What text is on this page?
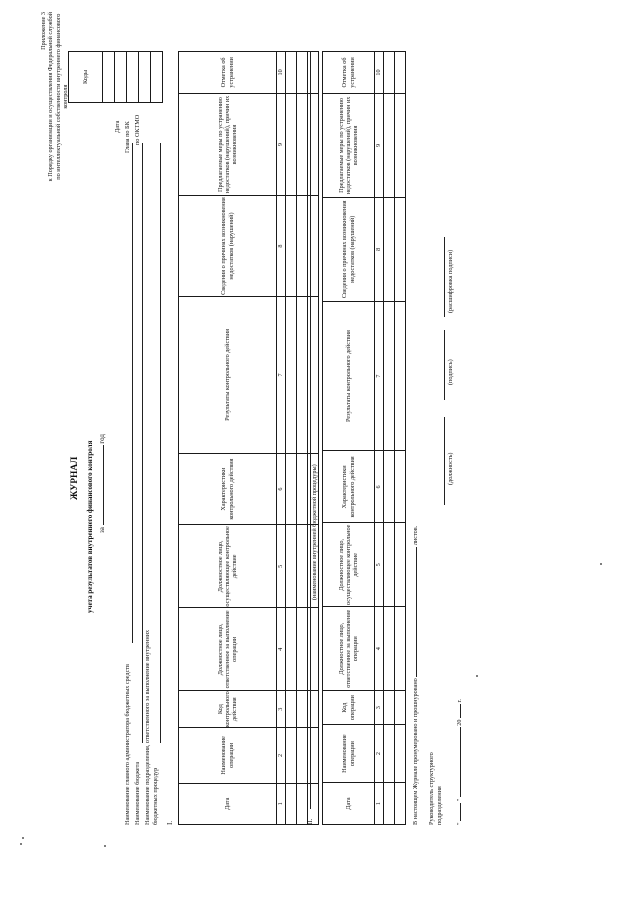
Приложение 3 к Порядку организации и осуществления Федеральной службой по интеллектуальной собственности внутреннего финансового контроля
ЖУРНАЛ учета результатов внутреннего финансового контроля за  год
Наименование главного администратора бюджетных средств Наименование бюджета Наименование подразделения, ответственного за выполнение внутренних бюджетных процедур
Дата Глава по БК по ОКТМО
Коды

I.
Дата	Наименование операции	Код контрольного действия	Должностное лицо, ответственное за выполнение операции	Должностное лицо, осуществляющее контрольное действие	Характеристики контрольного действия	Результаты контрольного действия	Сведения о причинах возникновения недостатков (нарушений)	Предлагаемые меры по устранению недостатков (нарушений), причин их возникновения	Отметка об устранении
1	2	3	4	5	6	7	8	9	10

II.
(наименование внутренней бюджетной процедуры)
Дата	Наименование операции	Код операции	Должностное лицо, ответственное за выполнение операции	Должностное лицо, осуществляющее контрольное действие	Характеристики контрольного действия	Результаты контрольного действия	Сведения о причинах возникновения недостатков (нарушений)	Предлагаемые меры по устранению недостатков (нарушений), причин их возникновения	Отметка об устранении
1	2	3	4	5	6	7	8	9	10

В настоящем Журнале пронумеровано и прошнуровано  листов.
Руководитель структурного подразделения
(должность)
(подпись)
(расшифровка подписи)
"  "  20  г.
